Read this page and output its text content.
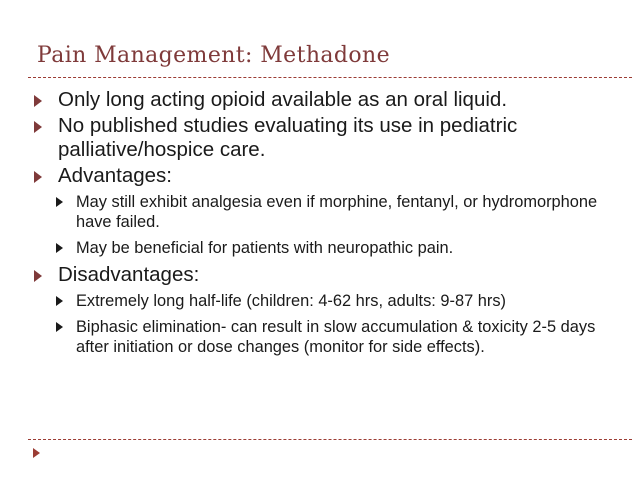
Pain Management: Methadone
Only long acting opioid available as an oral liquid.
No published studies evaluating its use in pediatric palliative/hospice care.
Advantages:
May still exhibit analgesia even if morphine, fentanyl, or hydromorphone have failed.
May be beneficial for patients with neuropathic pain.
Disadvantages:
Extremely long half-life (children: 4-62 hrs, adults: 9-87 hrs)
Biphasic elimination- can result in slow accumulation & toxicity 2-5 days after initiation or dose changes (monitor for side effects).
